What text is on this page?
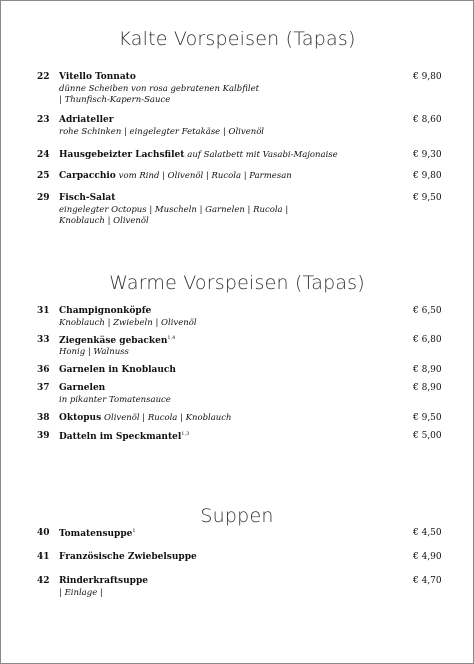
Kalte Vorspeisen (Tapas)
22 Vitello Tonnato	€ 9,80
dünne Scheiben von rosa gebratenen Kalbfilet
| Thunfisch-Kapern-Sauce
23 Adriateller	€ 8,60
rohe Schinken | eingelegter Fetakäse | Olivenöl
24 Hausgebeizter Lachsfilet auf Salatbett mit Vasabi-Majonaise	€ 9,30
25 Carpacchio vom Rind | Olivenöl | Rucola | Parmesan	€ 9,80
29 Fisch-Salat	€ 9,50
eingelegter Octopus | Muscheln | Garnelen | Rucola |
Knoblauch | Olivenöl
Warme Vorspeisen (Tapas)
31 Champignonköpfe	€ 6,50
Knoblauch | Zwiebeln | Olivenöl
33 Ziegenkäse gebacken$^{1,4}$	€ 6,80
Honig | Walnuss
36 Garnelen in Knoblauch	€ 8,90
37 Garnelen	€ 8,90
in pikanter Tomatensauce
38 Oktopus Olivenöl | Rucola | Knoblauch	€ 9,50
39 Datteln im Speckmantel$^{1,3}$	€ 5,00
Suppen
40 Tomatensuppe$^1$	€ 4,50
41 Französische Zwiebelsuppe	€ 4,90
42 Rinderkraftsuppe	€ 4,70
| Einlage |
